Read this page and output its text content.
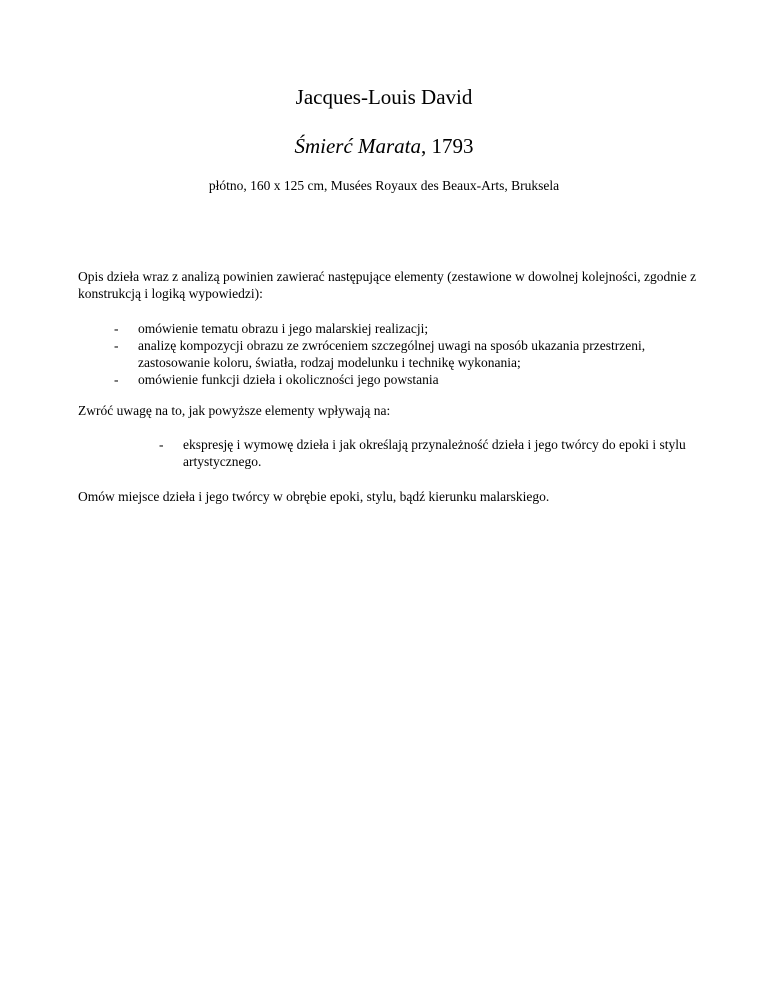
Jacques-Louis David
Śmierć Marata, 1793
płótno, 160 x 125 cm, Musées Royaux des Beaux-Arts, Bruksela
Opis dzieła wraz z analizą powinien zawierać następujące elementy (zestawione w dowolnej kolejności, zgodnie z konstrukcją i logiką wypowiedzi):
- omówienie tematu obrazu i jego malarskiej realizacji;
- analizę kompozycji obrazu ze zwróceniem szczególnej uwagi na sposób ukazania przestrzeni, zastosowanie koloru, światła, rodzaj modelunku i technikę wykonania;
- omówienie funkcji dzieła i okoliczności jego powstania
Zwróć uwagę na to, jak powyższe elementy wpływają na:
- ekspresję i wymowę dzieła i jak określają przynależność dzieła i jego twórcy do epoki i stylu artystycznego.
Omów miejsce dzieła i jego twórcy w obrębie epoki, stylu, bądź kierunku malarskiego.
